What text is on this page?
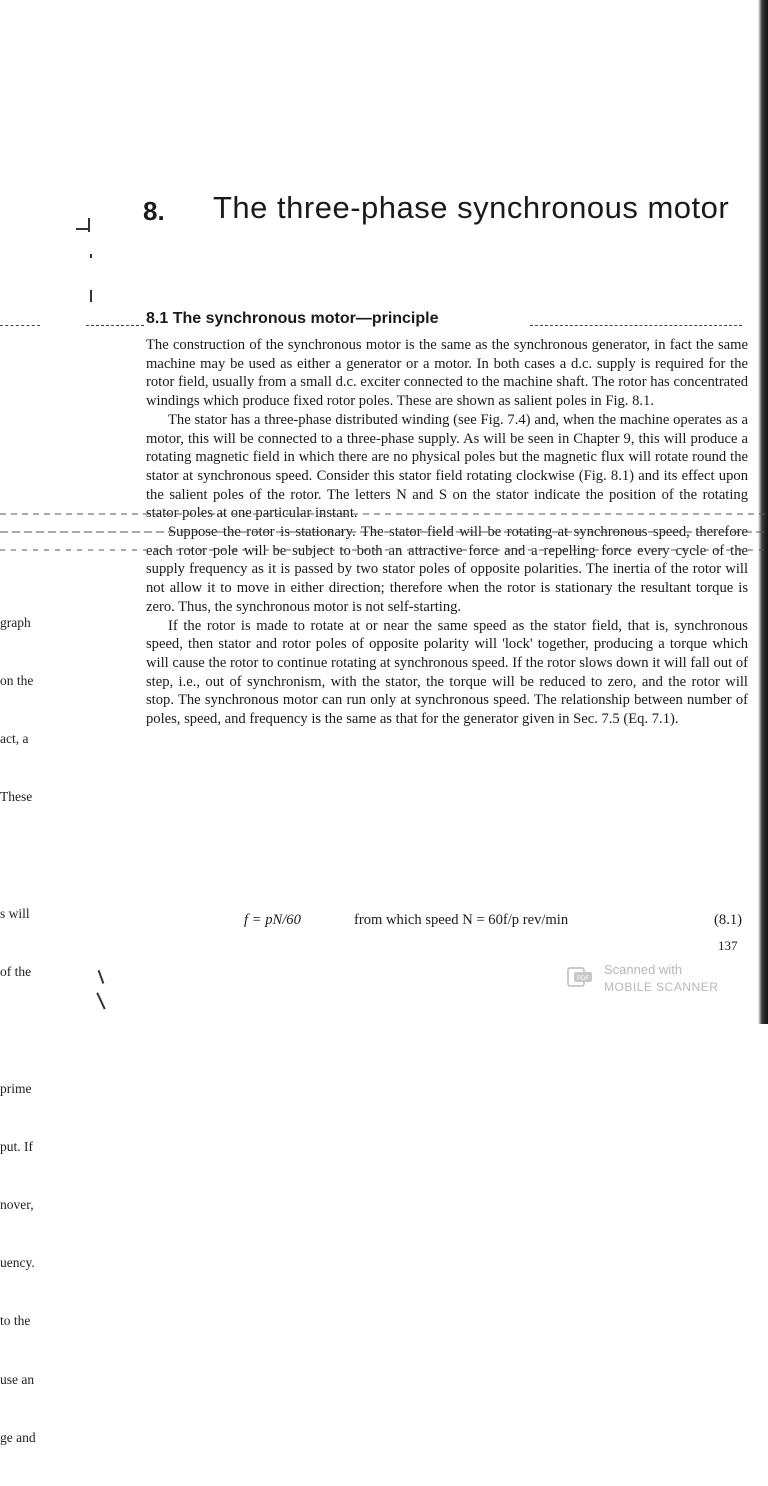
8. The three-phase synchronous motor
8.1 The synchronous motor—principle

The construction of the synchronous motor is the same as the synchronous generator, in fact the same machine may be used as either a generator or a motor. In both cases a d.c. supply is required for the rotor field, usually from a small d.c. exciter connected to the machine shaft. The rotor has concentrated windings which produce fixed rotor poles. These are shown as salient poles in Fig. 8.1.

The stator has a three-phase distributed winding (see Fig. 7.4) and, when the machine operates as a motor, this will be connected to a three-phase supply. As will be seen in Chapter 9, this will produce a rotating magnetic field in which there are no physical poles but the magnetic flux will rotate round the stator at synchronous speed. Consider this stator field rotating clockwise (Fig. 8.1) and its effect upon the salient poles of the rotor. The letters N and S on the stator indicate the position of the rotating stator poles at one particular instant.

Suppose the rotor is stationary. The stator field will be rotating at synchronous speed, therefore each rotor pole will be subject to both an attractive force and a repelling force every cycle of the supply frequency as it is passed by two stator poles of opposite polarities. The inertia of the rotor will not allow it to move in either direction; therefore when the rotor is stationary the resultant torque is zero. Thus, the synchronous motor is not self-starting.

If the rotor is made to rotate at or near the same speed as the stator field, that is, synchronous speed, then stator and rotor poles of opposite polarity will 'lock' together, producing a torque which will cause the rotor to continue rotating at synchronous speed. If the rotor slows down it will fall out of step, i.e., out of synchronism, with the stator, the torque will be reduced to zero, and the rotor will stop. The synchronous motor can run only at synchronous speed. The relationship between number of poles, speed, and frequency is the same as that for the generator given in Sec. 7.5 (Eq. 7.1).

graph

on the

act, a

These

s will

of the

prime

put. If

nover,

uency.

to the

use an

ge and

f = pN/60	from which speed N = 60f/p rev/min	(8.1)
137
PDF
Scanned with
MOBILE SCANNER
